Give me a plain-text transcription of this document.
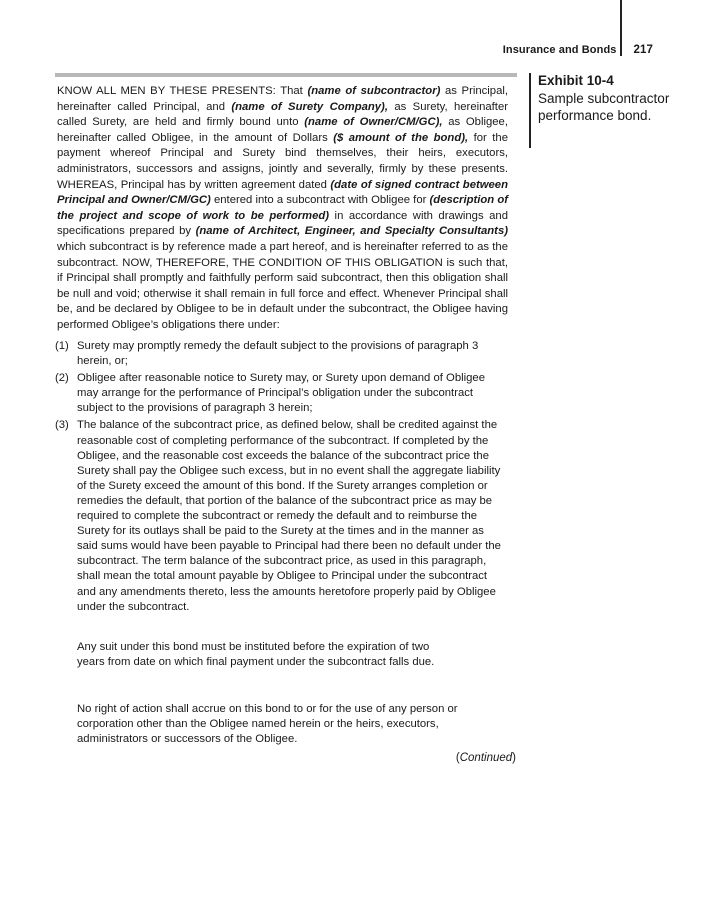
Insurance and Bonds 217
Exhibit 10-4
Sample subcontractor performance bond.

KNOW ALL MEN BY THESE PRESENTS: That (name of subcontractor) as Principal, hereinafter called Principal, and (name of Surety Company), as Surety, hereinafter called Surety, are held and firmly bound unto (name of Owner/CM/GC), as Obligee, hereinafter called Obligee, in the amount of Dollars ($ amount of the bond), for the payment whereof Principal and Surety bind themselves, their heirs, executors, administrators, successors and assigns, jointly and severally, firmly by these presents. WHEREAS, Principal has by written agreement dated (date of signed contract between Principal and Owner/CM/GC) entered into a subcontract with Obligee for (description of the project and scope of work to be performed) in accordance with drawings and specifications prepared by (name of Architect, Engineer, and Specialty Consultants) which subcontract is by reference made a part hereof, and is hereinafter referred to as the subcontract. NOW, THEREFORE, THE CONDITION OF THIS OBLIGATION is such that, if Principal shall promptly and faithfully perform said subcontract, then this obligation shall be null and void; otherwise it shall remain in full force and effect. Whenever Principal shall be, and be declared by Obligee to be in default under the subcontract, the Obligee having performed Obligee’s obligations there under:

(1) Surety may promptly remedy the default subject to the provisions of paragraph 3 herein, or;

(2) Obligee after reasonable notice to Surety may, or Surety upon demand of Obligee may arrange for the performance of Principal’s obligation under the subcontract subject to the provisions of paragraph 3 herein;

(3) The balance of the subcontract price, as defined below, shall be credited against the reasonable cost of completing performance of the subcontract. If completed by the Obligee, and the reasonable cost exceeds the balance of the subcontract price the Surety shall pay the Obligee such excess, but in no event shall the aggregate liability of the Surety exceed the amount of this bond. If the Surety arranges completion or remedies the default, that portion of the balance of the subcontract price as may be required to complete the subcontract or remedy the default and to reimburse the Surety for its outlays shall be paid to the Surety at the times and in the manner as said sums would have been payable to Principal had there been no default under the subcontract. The term balance of the subcontract price, as used in this paragraph, shall mean the total amount payable by Obligee to Principal under the subcontract and any amendments thereto, less the amounts heretofore properly paid by Obligee under the subcontract.

Any suit under this bond must be instituted before the expiration of two years from date on which final payment under the subcontract falls due.

No right of action shall accrue on this bond to or for the use of any person or corporation other than the Obligee named herein or the heirs, executors, administrators or successors of the Obligee.

(Continued)
